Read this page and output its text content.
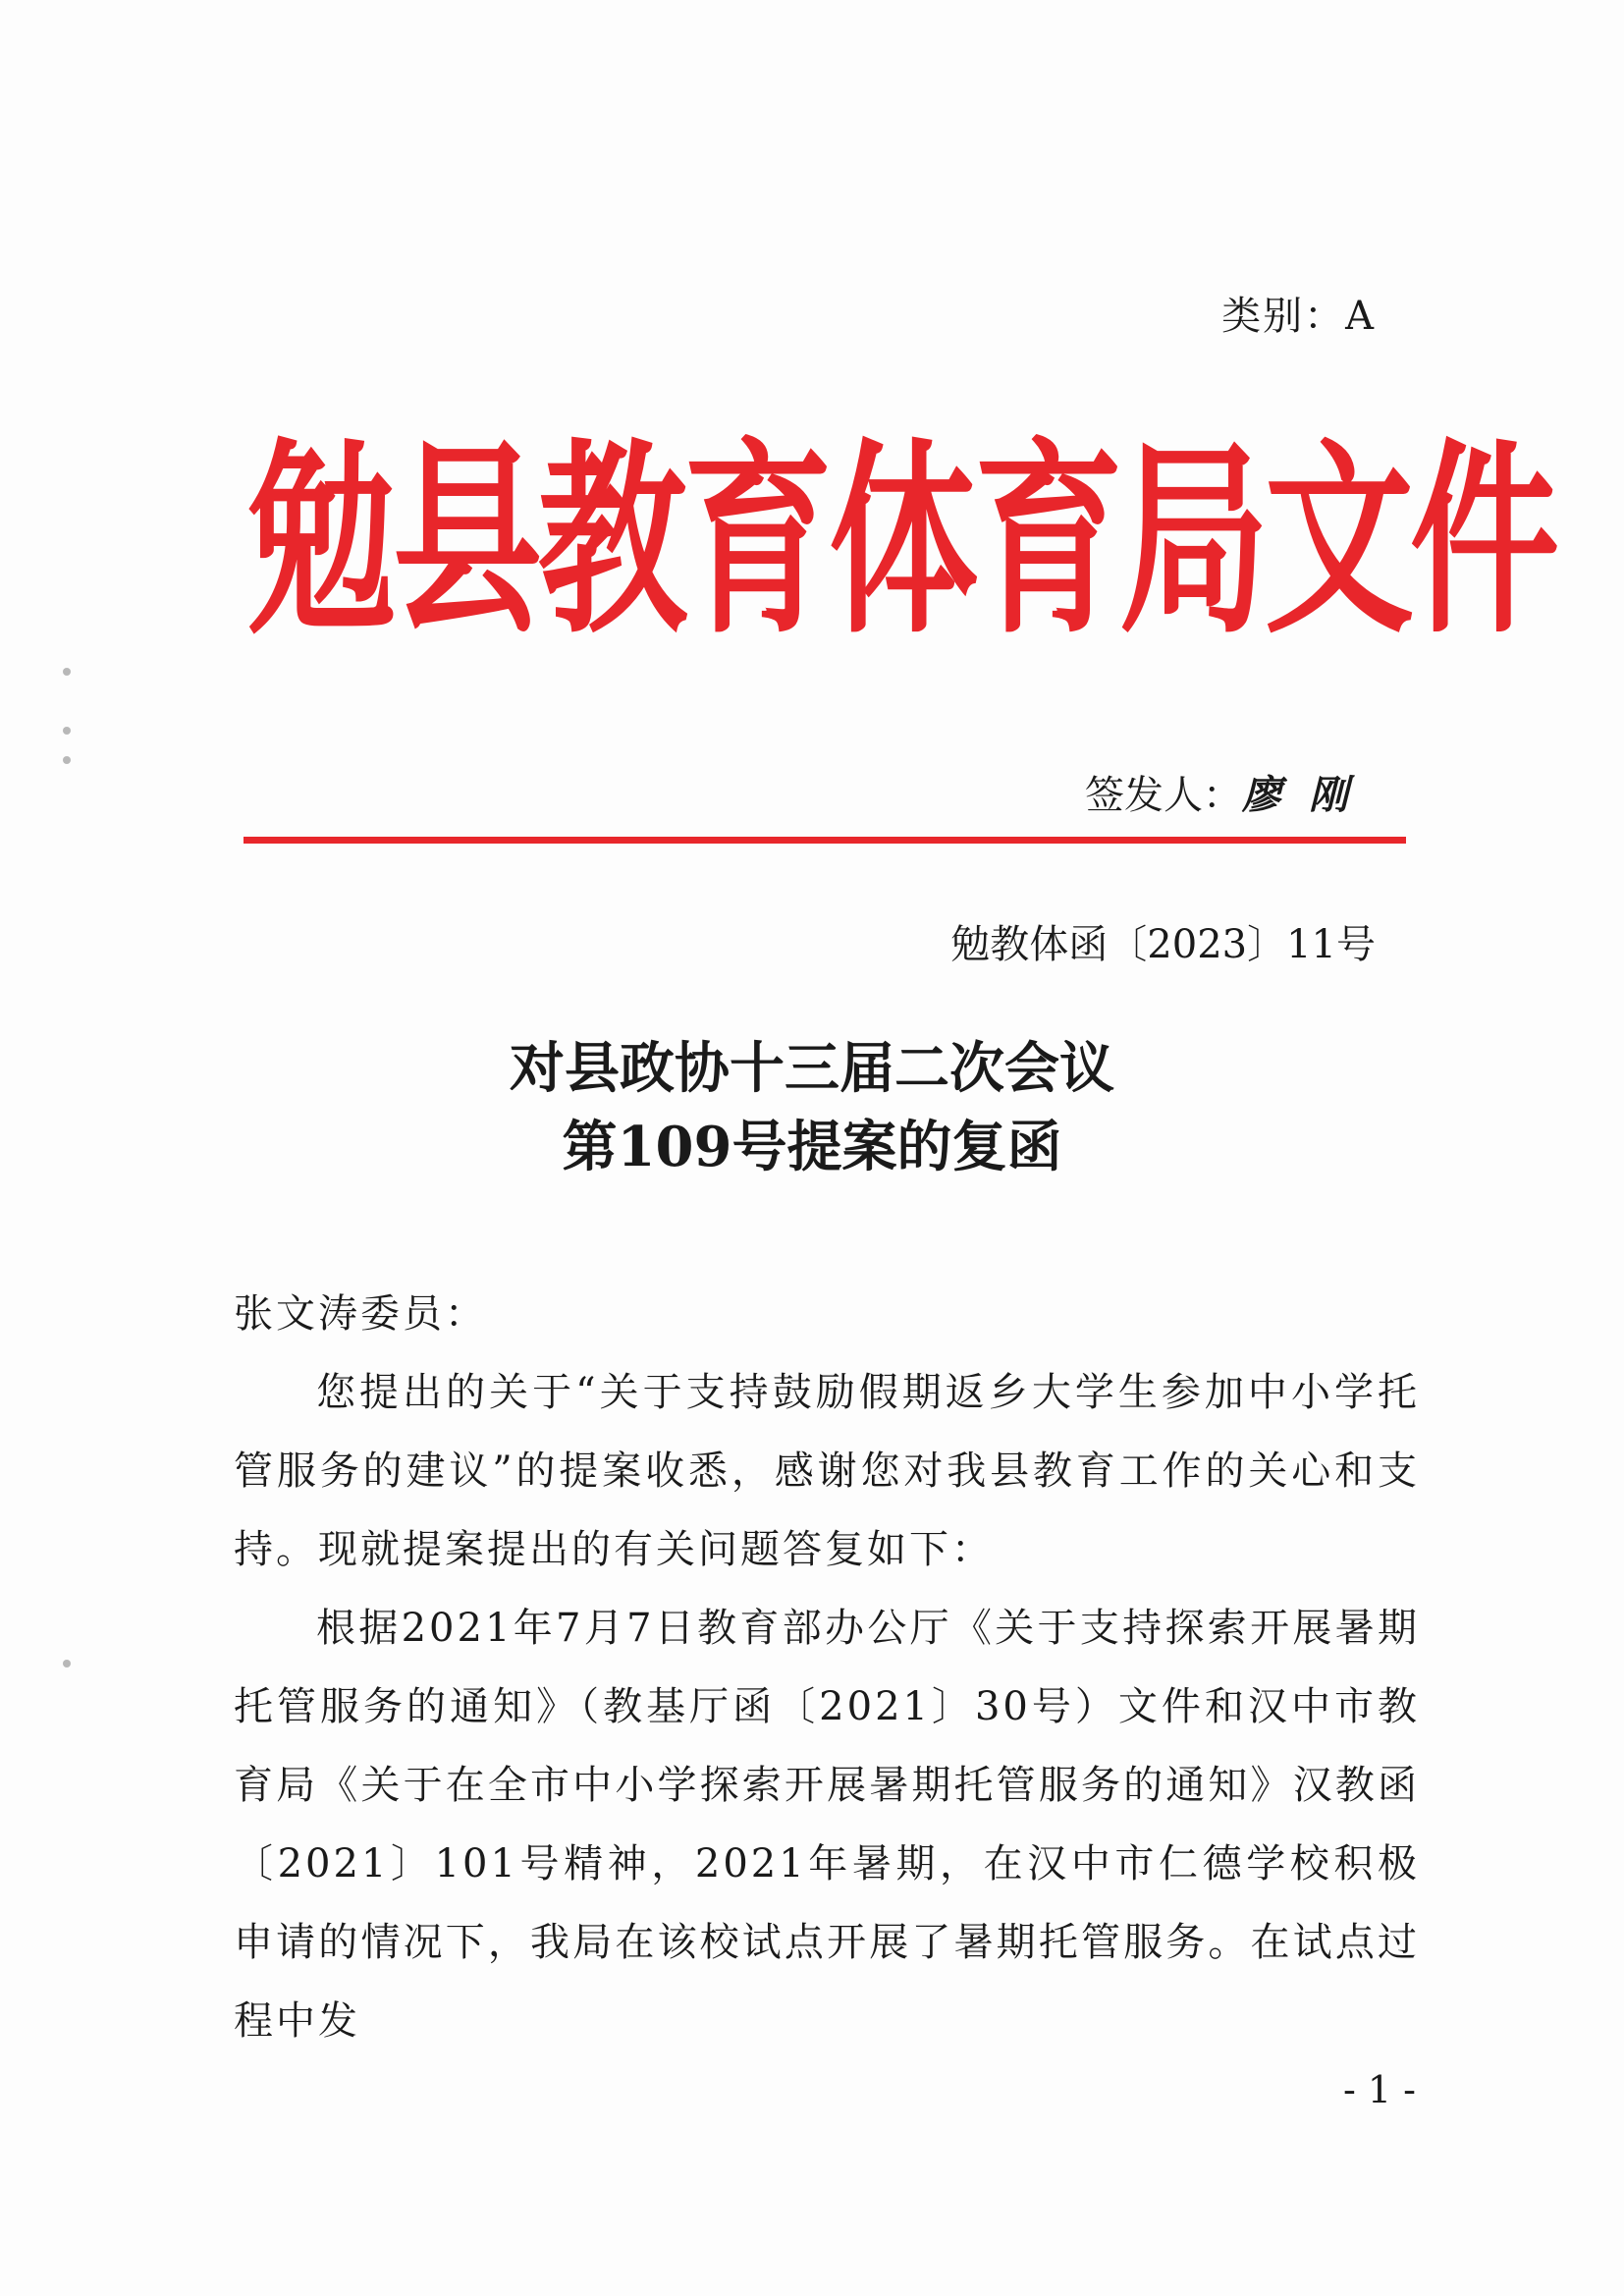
类别：A
勉县教育体育局文件
签发人：廖刚
勉教体函〔2023〕11号
对县政协十三届二次会议
第109号提案的复函

张文涛委员：

您提出的关于“关于支持鼓励假期返乡大学生参加中小学托管服务的建议”的提案收悉，感谢您对我县教育工作的关心和支持。现就提案提出的有关问题答复如下：

根据2021年7月7日教育部办公厅《关于支持探索开展暑期托管服务的通知》（教基厅函〔2021〕30号）文件和汉中市教育局《关于在全市中小学探索开展暑期托管服务的通知》汉教函〔2021〕101号精神，2021年暑期，在汉中市仁德学校积极申请的情况下，我局在该校试点开展了暑期托管服务。在试点过程中发

- 1 -
